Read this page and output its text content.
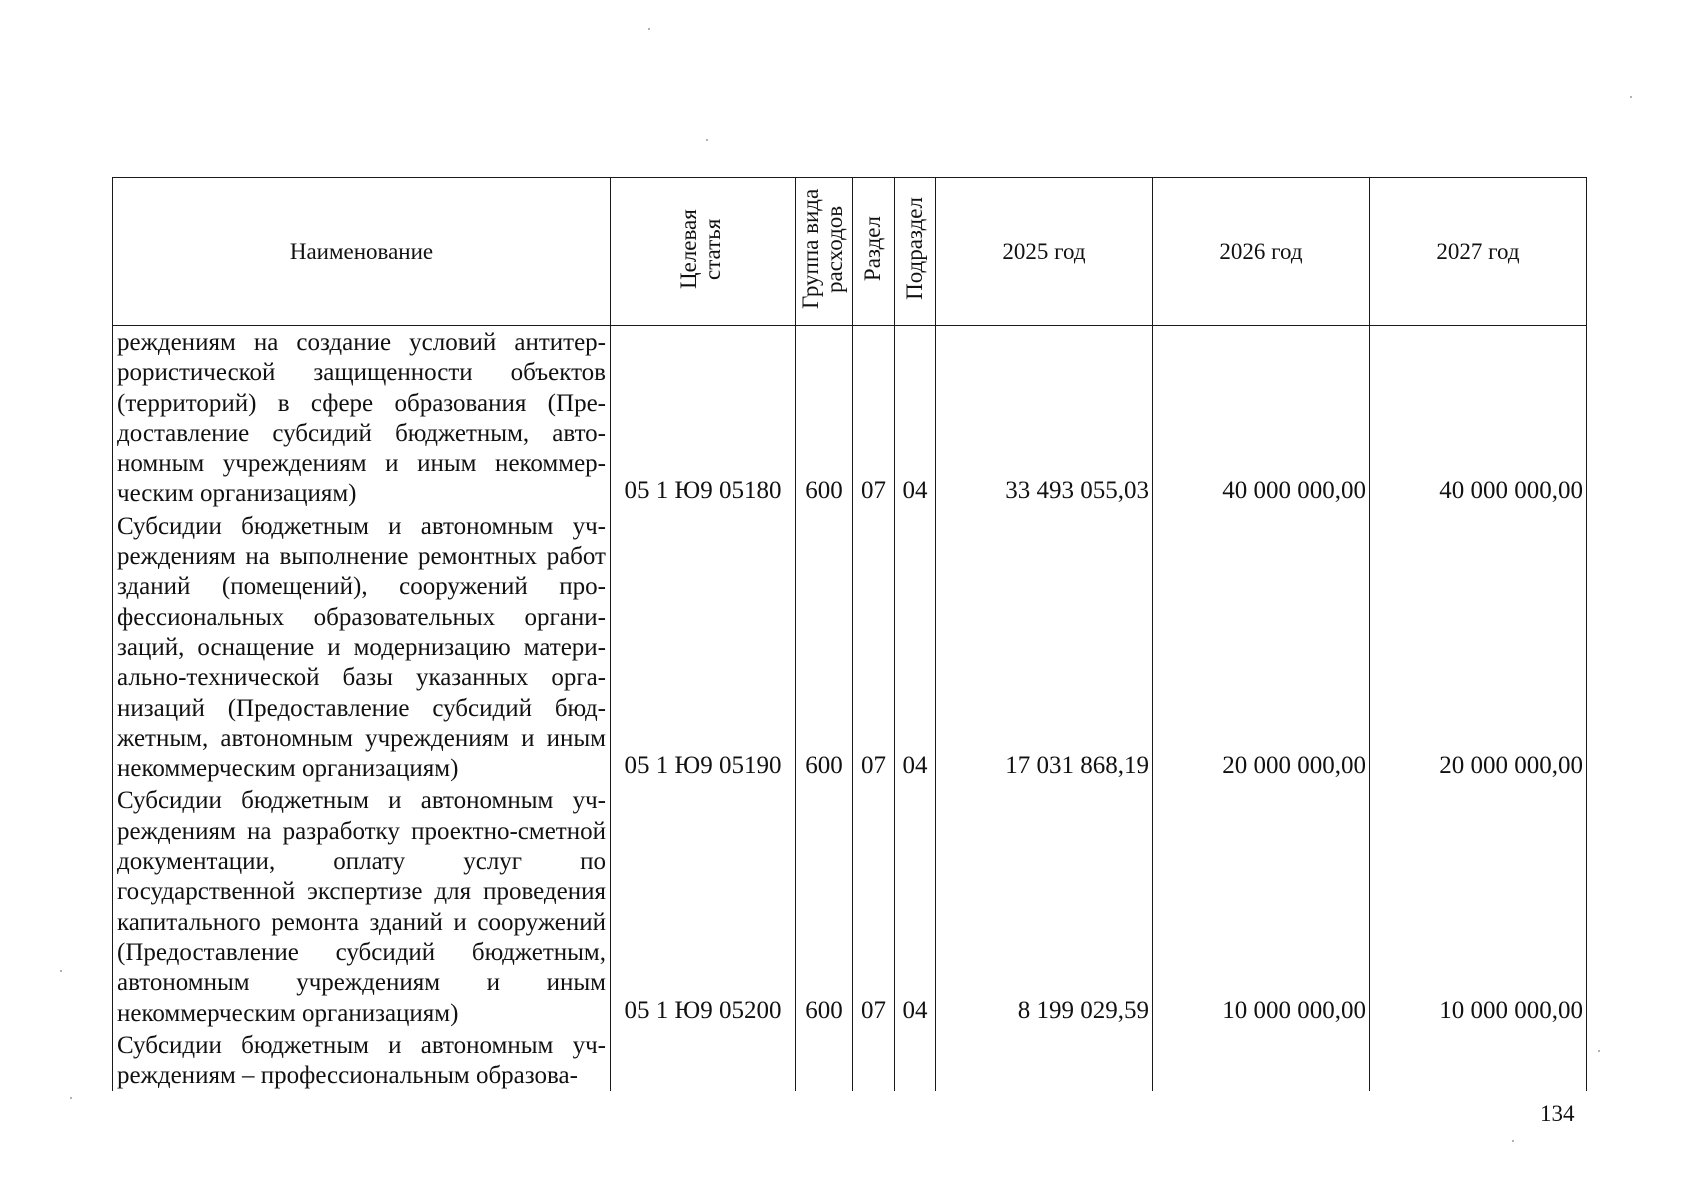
Наименование	Целевая статья	Группа вида расходов	Раздел	Подраздел	2025 год	2026 год	2027 год
реждениям на создание условий антитеррористической защищенности объектов (территорий) в сфере образования (Предоставление субсидий бюджетным, автономным учреждениям и иным некоммерческим организациям)	05 1 Ю9 05180	600	07	04	33 493 055,03	40 000 000,00	40 000 000,00
Субсидии бюджетным и автономным учреждениям на выполнение ремонтных работ зданий (помещений), сооружений профессиональных образовательных организаций, оснащение и модернизацию материально-технической базы указанных организаций (Предоставление субсидий бюджетным, автономным учреждениям и иным некоммерческим организациям)	05 1 Ю9 05190	600	07	04	17 031 868,19	20 000 000,00	20 000 000,00
Субсидии бюджетным и автономным учреждениям на разработку проектно-сметной документации, оплату услуг по государственной экспертизе для проведения капитального ремонта зданий и сооружений (Предоставление субсидий бюджетным, автономным учреждениям и иным некоммерческим организациям)	05 1 Ю9 05200	600	07	04	8 199 029,59	10 000 000,00	10 000 000,00
Субсидии бюджетным и автономным учреждениям – профессиональным образова-							
134
